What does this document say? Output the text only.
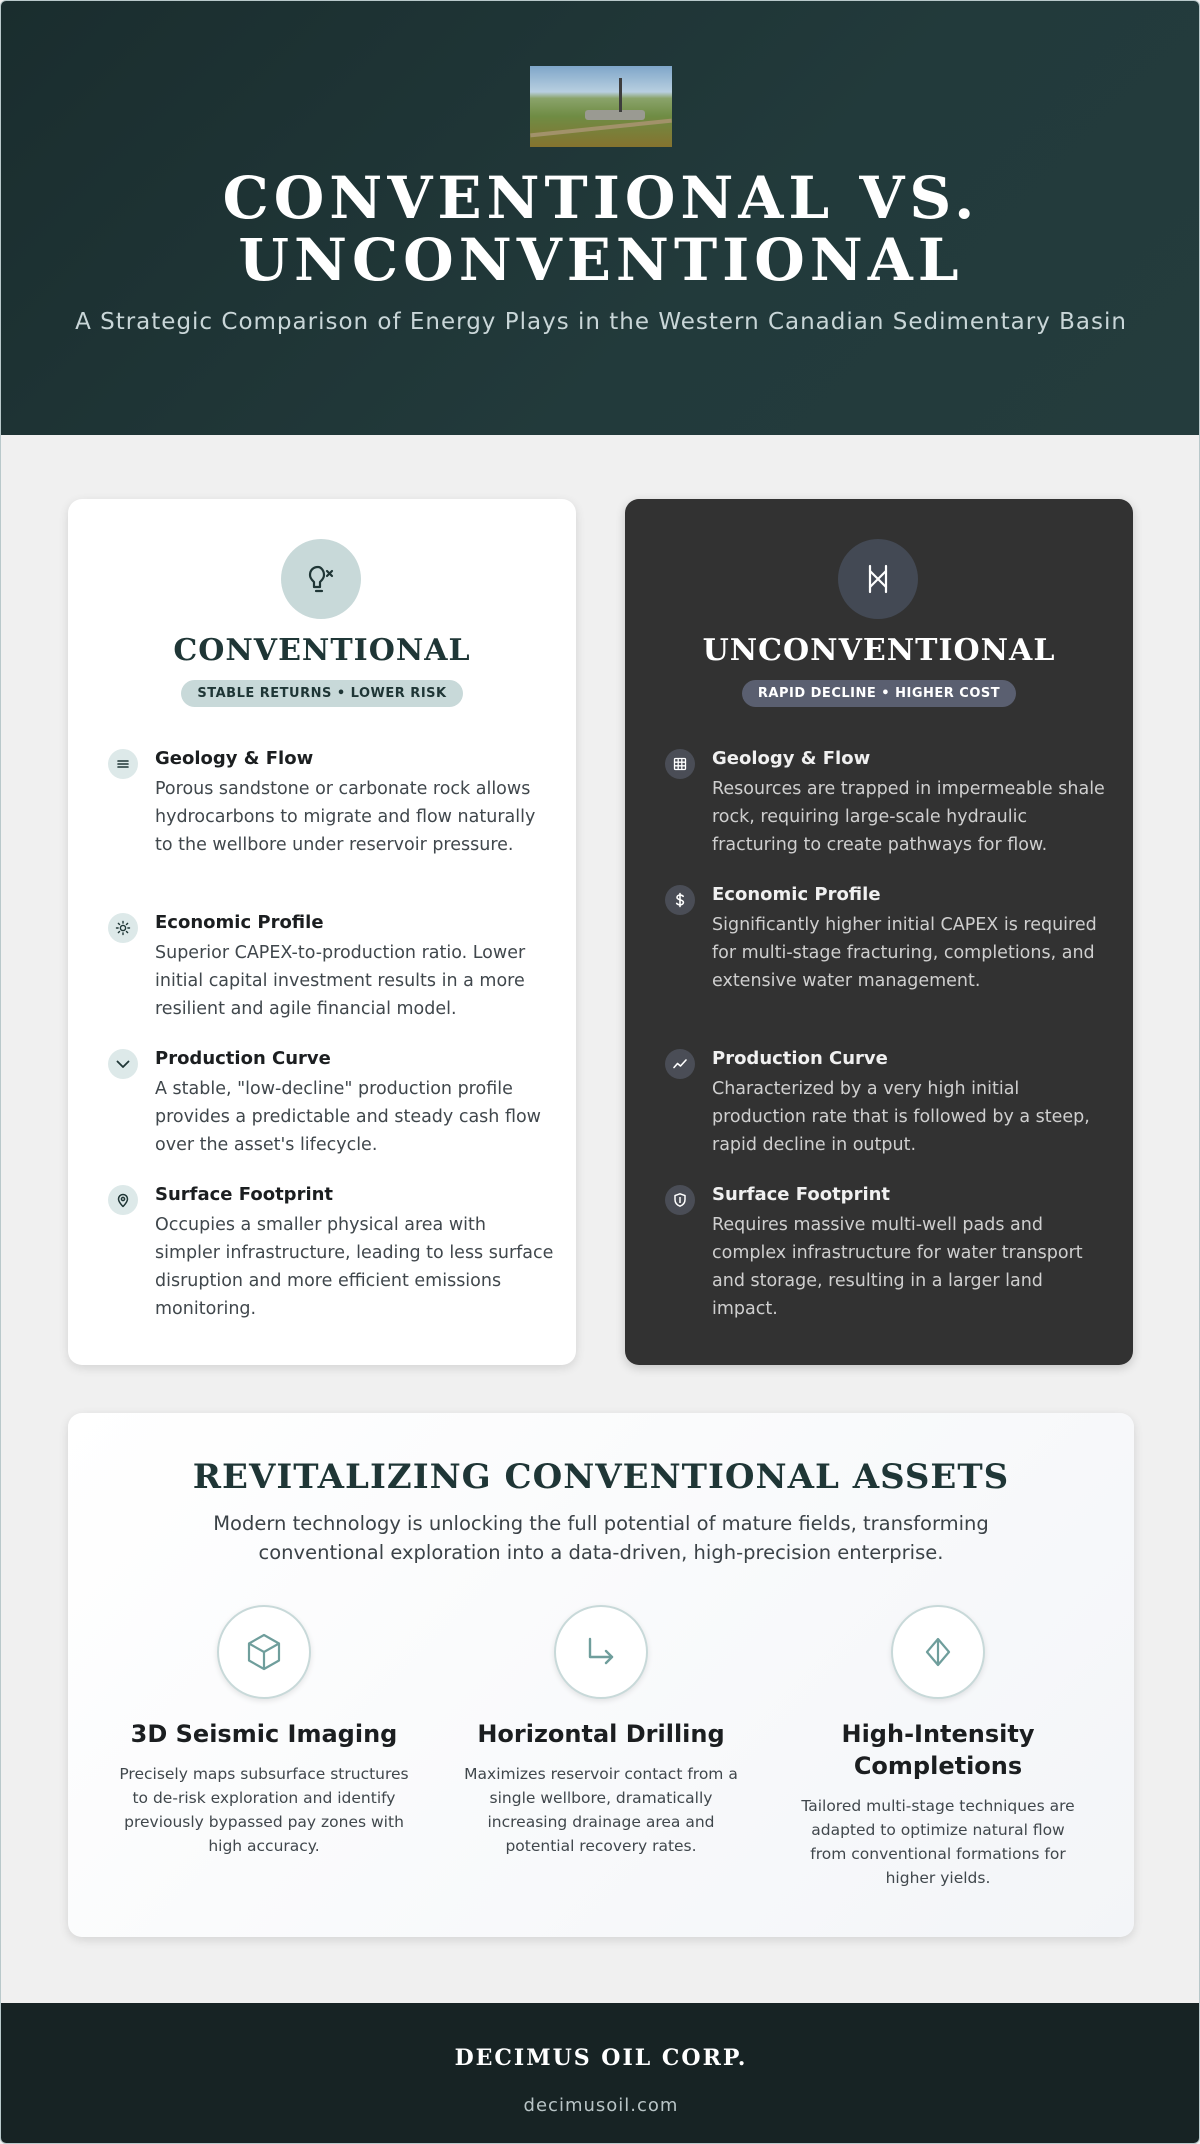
CONVENTIONAL VS.
UNCONVENTIONAL
A Strategic Comparison of Energy Plays in the Western Canadian Sedimentary Basin
CONVENTIONAL
STABLE RETURNS • LOWER RISK
Geology & Flow
Porous sandstone or carbonate rock allows hydrocarbons to migrate and flow naturally to the wellbore under reservoir pressure.
Economic Profile
Superior CAPEX-to-production ratio. Lower initial capital investment results in a more resilient and agile financial model.
Production Curve
A stable, "low-decline" production profile provides a predictable and steady cash flow over the asset's lifecycle.
Surface Footprint
Occupies a smaller physical area with simpler infrastructure, leading to less surface disruption and more efficient emissions monitoring.
UNCONVENTIONAL
RAPID DECLINE • HIGHER COST
Geology & Flow
Resources are trapped in impermeable shale rock, requiring large-scale hydraulic fracturing to create pathways for flow.
Economic Profile
Significantly higher initial CAPEX is required for multi-stage fracturing, completions, and extensive water management.
Production Curve
Characterized by a very high initial production rate that is followed by a steep, rapid decline in output.
Surface Footprint
Requires massive multi-well pads and complex infrastructure for water transport and storage, resulting in a larger land impact.
REVITALIZING CONVENTIONAL ASSETS
Modern technology is unlocking the full potential of mature fields, transforming conventional exploration into a data-driven, high-precision enterprise.
3D Seismic Imaging
Precisely maps subsurface structures to de-risk exploration and identify previously bypassed pay zones with high accuracy.
Horizontal Drilling
Maximizes reservoir contact from a single wellbore, dramatically increasing drainage area and potential recovery rates.
High-Intensity Completions
Tailored multi-stage techniques are adapted to optimize natural flow from conventional formations for higher yields.
DECIMUS OIL CORP.
decimusoil.com
